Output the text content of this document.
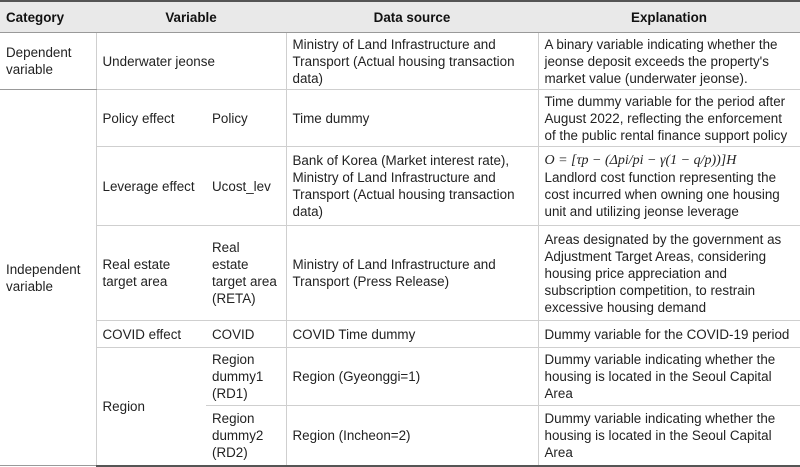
Category	Variable		Data source	Explanation
Dependent variable	Underwater jeonse		Ministry of Land Infrastructure and Transport (Actual housing transaction data)	A binary variable indicating whether the jeonse deposit exceeds the property's market value (underwater jeonse).
Independent variable	Policy effect	Policy	Time dummy	Time dummy variable for the period after August 2022, reflecting the enforcement of the public rental finance support policy
	Leverage effect	Ucost_lev	Bank of Korea (Market interest rate), Ministry of Land Infrastructure and Transport (Actual housing transaction data)	O = [τp − (Δpi/pi − γ(1 − q/p))]H
Landlord cost function representing the cost incurred when owning one housing unit and utilizing jeonse leverage

	Real estate target area	Real estate target area (RETA)	Ministry of Land Infrastructure and Transport (Press Release)	Areas designated by the government as Adjustment Target Areas, considering housing price appreciation and subscription competition, to restrain excessive housing demand
	COVID effect	COVID	COVID Time dummy	Dummy variable for the COVID-19 period
	Region	Region dummy1 (RD1)	Region (Gyeonggi=1)	Dummy variable indicating whether the housing is located in the Seoul Capital Area
		Region dummy2 (RD2)	Region (Incheon=2)	Dummy variable indicating whether the housing is located in the Seoul Capital Area
